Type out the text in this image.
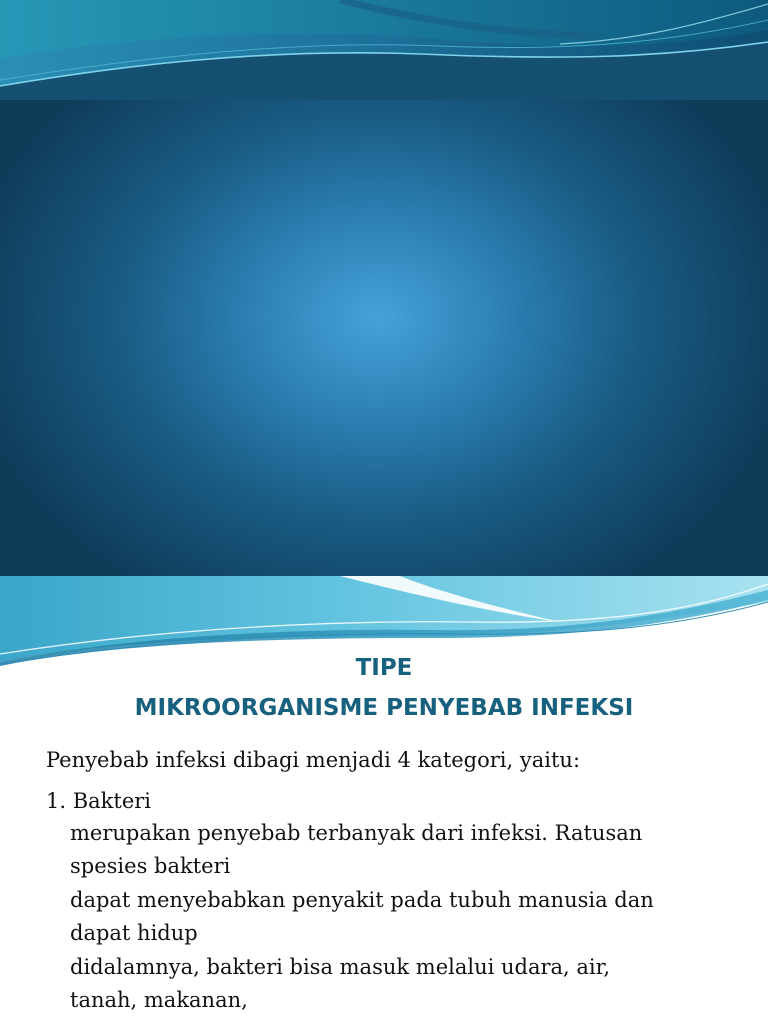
TIPE
MIKROORGANISME PENYEBAB INFEKSI

Penyebab infeksi dibagi menjadi 4 kategori, yaitu:

1. Bakteri

merupakan penyebab terbanyak dari infeksi. Ratusan

spesies bakteri

dapat menyebabkan penyakit pada tubuh manusia dan

dapat hidup

didalamnya, bakteri bisa masuk melalui udara, air,

tanah, makanan,
